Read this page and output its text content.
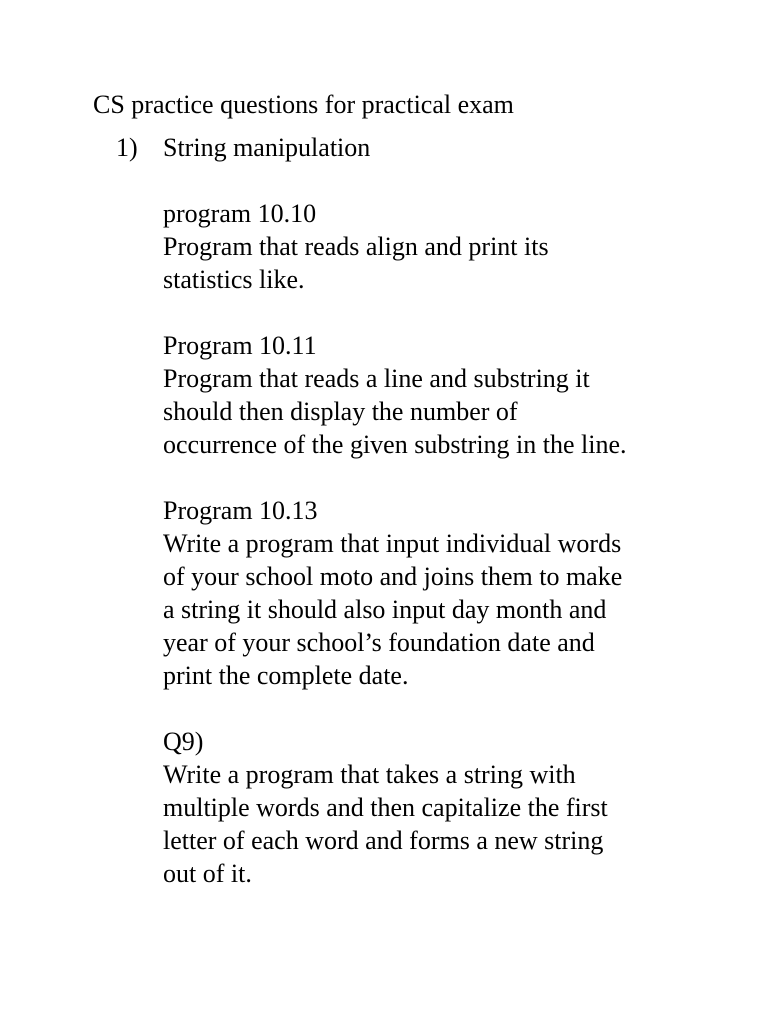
CS practice questions for practical exam
1) String manipulation

program 10.10

Program that reads align and print its
statistics like.

Program 10.11

Program that reads a line and substring it
should then display the number of
occurrence of the given substring in the line.

Program 10.13

Write a program that input individual words
of your school moto and joins them to make
a string it should also input day month and
year of your school’s foundation date and
print the complete date.

Q9)

Write a program that takes a string with
multiple words and then capitalize the first
letter of each word and forms a new string
out of it.
